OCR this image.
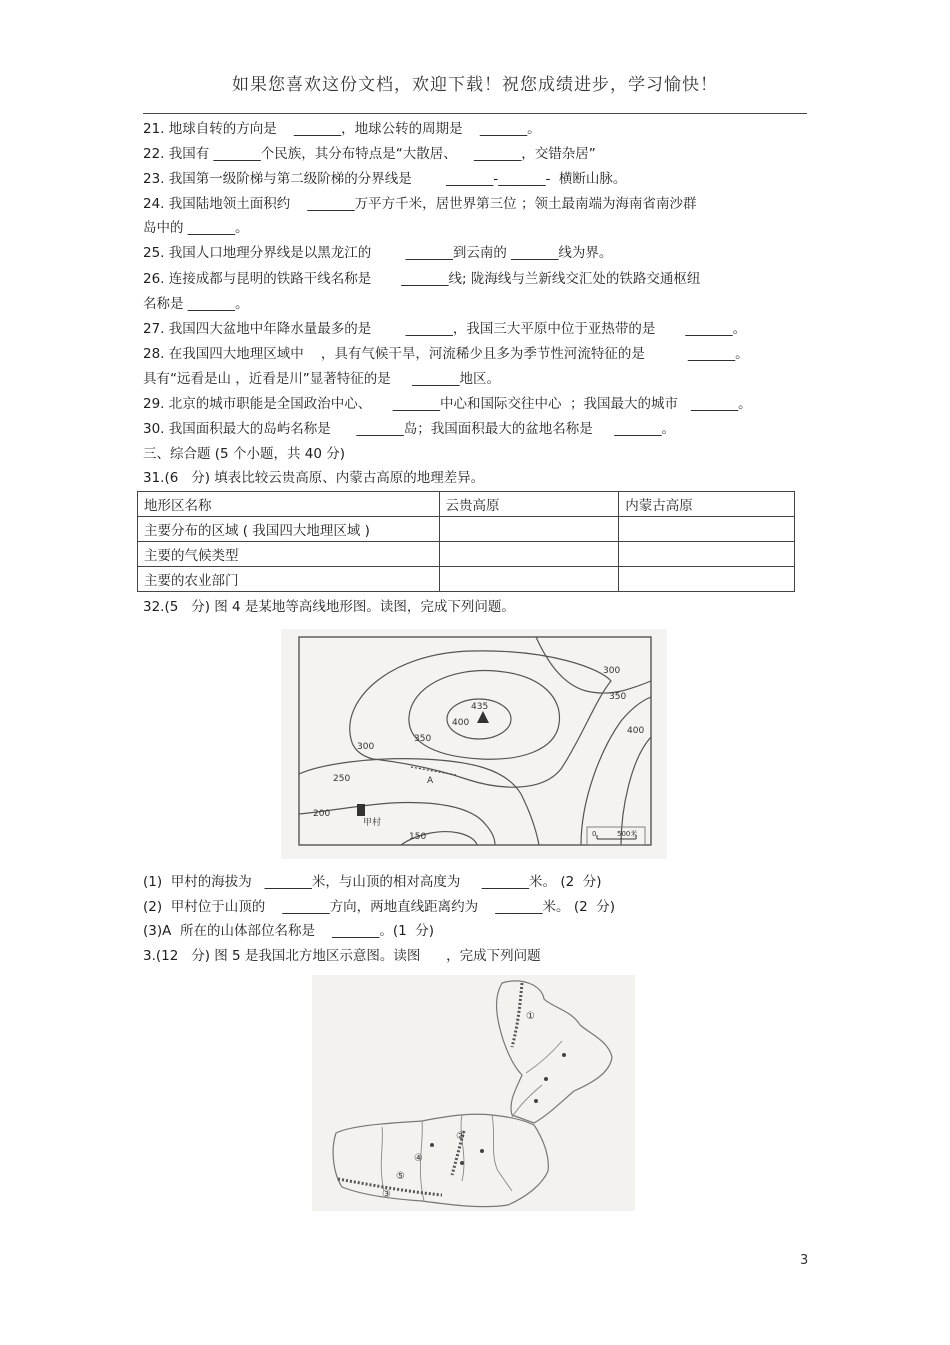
如果您喜欢这份文档，欢迎下载！祝您成绩进步，学习愉快！
21. 地球自转的方向是    _______，地球公转的周期是    _______。
22. 我国有 _______个民族，其分布特点是“大散居、    _______，交错杂居”
23. 我国第一级阶梯与第二级阶梯的分界线是        _______-_______-  横断山脉。
24. 我国陆地领土面积约    _______万平方千米，居世界第三位 ；领土最南端为海南省南沙群
岛中的 _______。
25. 我国人口地理分界线是以黑龙江的        _______到云南的 _______线为界。
26. 连接成都与昆明的铁路干线名称是       _______线; 陇海线与兰新线交汇处的铁路交通枢纽
名称是 _______。
27. 我国四大盆地中年降水量最多的是        _______，我国三大平原中位于亚热带的是       _______。
28. 在我国四大地理区域中    ，具有气候干旱，河流稀少且多为季节性河流特征的是          _______。
具有“远看是山 ，近看是川”显著特征的是     _______地区。
29. 北京的城市职能是全国政治中心、     _______中心和国际交往中心  ；我国最大的城市   _______。
30. 我国面积最大的岛屿名称是      _______岛；我国面积最大的盆地名称是     _______。
三、综合题 (5 个小题，共 40 分)
31.(6   分) 填表比较云贵高原、内蒙古高原的地理差异。
地形区名称	云贵高原	内蒙古高原
主要分布的区域 ( 我国四大地理区域 )		
主要的气候类型		
主要的农业部门		
32.(5   分) 图 4 是某地等高线地形图。读图，完成下列问题。
435
400
350
300
250
200
150
300
350
400
A
甲村
0	500米
(1)  甲村的海拔为   _______米，与山顶的相对高度为     _______米。 (2  分)
(2)  甲村位于山顶的    _______方向，两地直线距离约为    _______米。 (2  分)
(3)A  所在的山体部位名称是    _______。(1  分)
3.(12   分) 图 5 是我国北方地区示意图。读图      ，完成下列问题
①
②
③
④
⑤
3
